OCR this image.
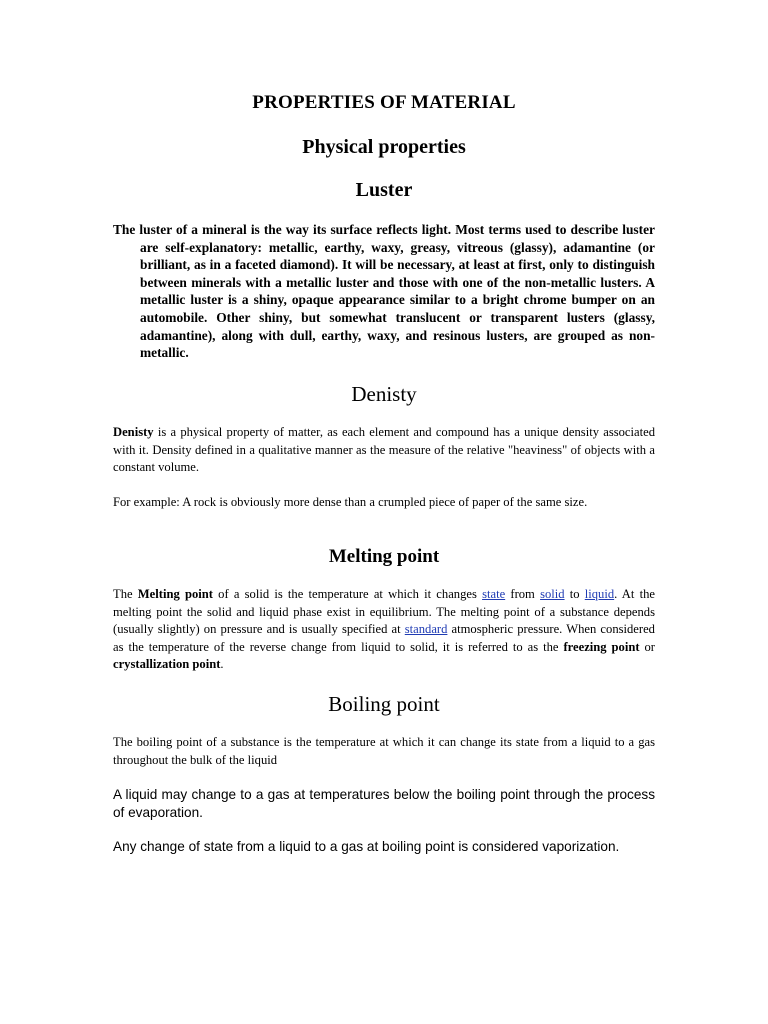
PROPERTIES OF MATERIAL
Physical properties
Luster

The luster of a mineral is the way its surface reflects light. Most terms used to describe luster are self-explanatory: metallic, earthy, waxy, greasy, vitreous (glassy), adamantine (or brilliant, as in a faceted diamond). It will be necessary, at least at first, only to distinguish between minerals with a metallic luster and those with one of the non-metallic lusters. A metallic luster is a shiny, opaque appearance similar to a bright chrome bumper on an automobile. Other shiny, but somewhat translucent or transparent lusters (glassy, adamantine), along with dull, earthy, waxy, and resinous lusters, are grouped as non-metallic.

Denisty

Denisty is a physical property of matter, as each element and compound has a unique density associated with it. Density defined in a qualitative manner as the measure of the relative "heaviness" of objects with a constant volume.

For example: A rock is obviously more dense than a crumpled piece of paper of the same size.

Melting point

The Melting point of a solid is the temperature at which it changes state from solid to liquid. At the melting point the solid and liquid phase exist in equilibrium. The melting point of a substance depends (usually slightly) on pressure and is usually specified at standard atmospheric pressure. When considered as the temperature of the reverse change from liquid to solid, it is referred to as the freezing point or crystallization point.

Boiling point

The boiling point of a substance is the temperature at which it can change its state from a liquid to a gas throughout the bulk of the liquid

A liquid may change to a gas at temperatures below the boiling point through the process of evaporation.

Any change of state from a liquid to a gas at boiling point is considered vaporization.
